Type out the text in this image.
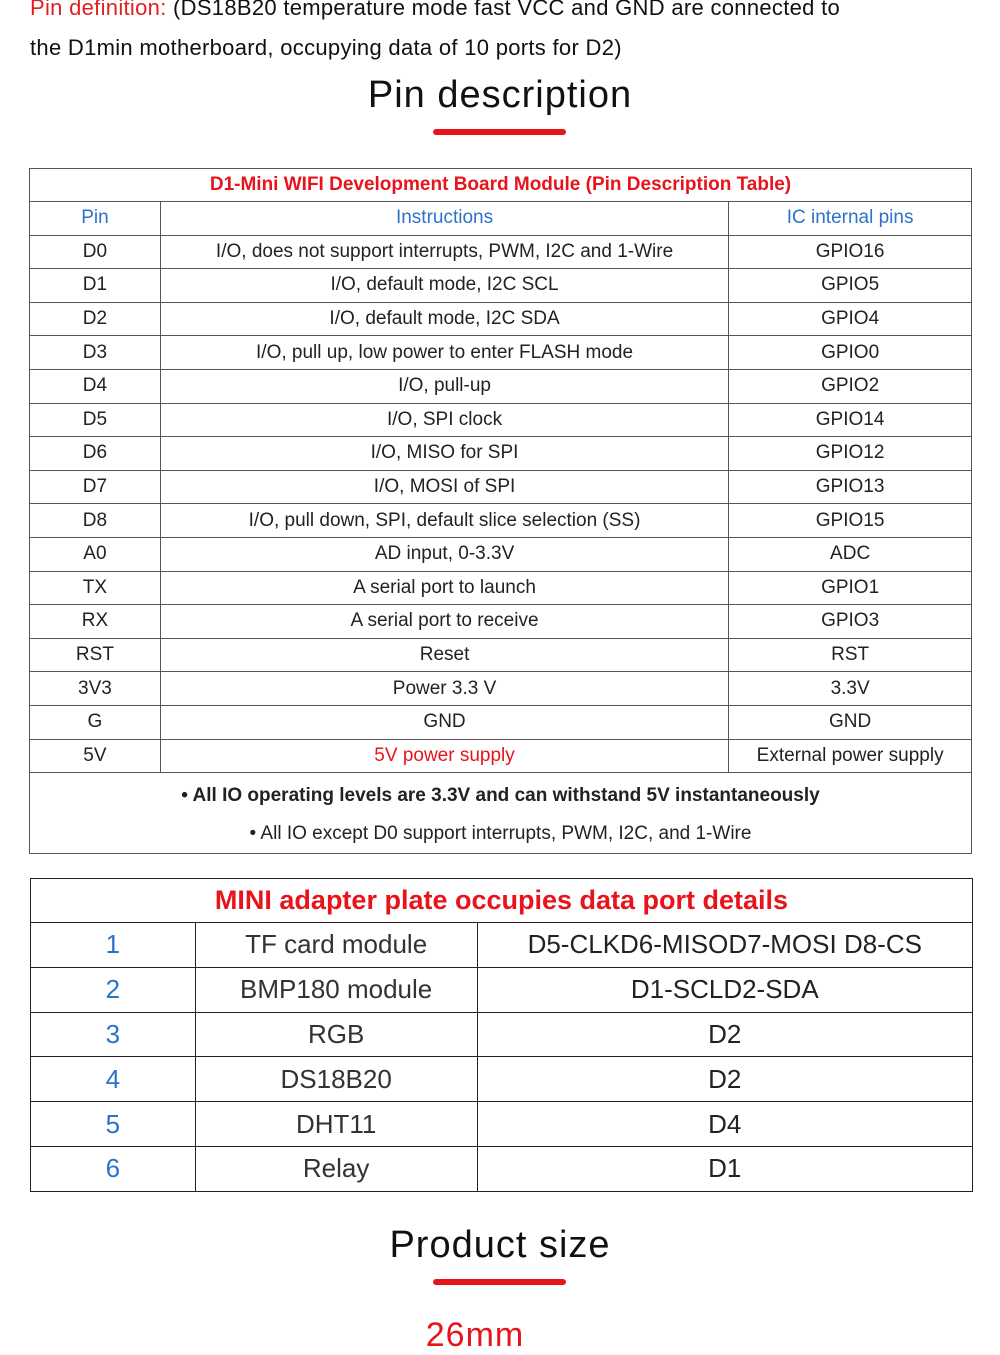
Pin definition: (DS18B20 temperature mode fast VCC and GND are connected to
the D1min motherboard, occupying data of 10 ports for D2)
Pin description
D1-Mini WIFI Development Board Module (Pin Description Table)		
Pin	Instructions	IC internal pins
D0	I/O, does not support interrupts, PWM, I2C and 1-Wire	GPIO16
D1	I/O, default mode, I2C SCL	GPIO5
D2	I/O, default mode, I2C SDA	GPIO4
D3	I/O, pull up, low power to enter FLASH mode	GPIO0
D4	I/O, pull-up	GPIO2
D5	I/O, SPI clock	GPIO14
D6	I/O, MISO for SPI	GPIO12
D7	I/O, MOSI of SPI	GPIO13
D8	I/O, pull down, SPI, default slice selection (SS)	GPIO15
A0	AD input, 0-3.3V	ADC
TX	A serial port to launch	GPIO1
RX	A serial port to receive	GPIO3
RST	Reset	RST
3V3	Power 3.3 V	3.3V
G	GND	GND
5V	5V power supply	External power supply

• All IO operating levels are 3.3V and can withstand 5V instantaneously
• All IO except D0 support interrupts, PWM, I2C, and 1-Wire		
MINI adapter plate occupies data port details		
1	TF card module	D5-CLKD6-MISOD7-MOSI D8-CS
2	BMP180 module	D1-SCLD2-SDA
3	RGB	D2
4	DS18B20	D2
5	DHT11	D4
6	Relay	D1
Product size
26mm
